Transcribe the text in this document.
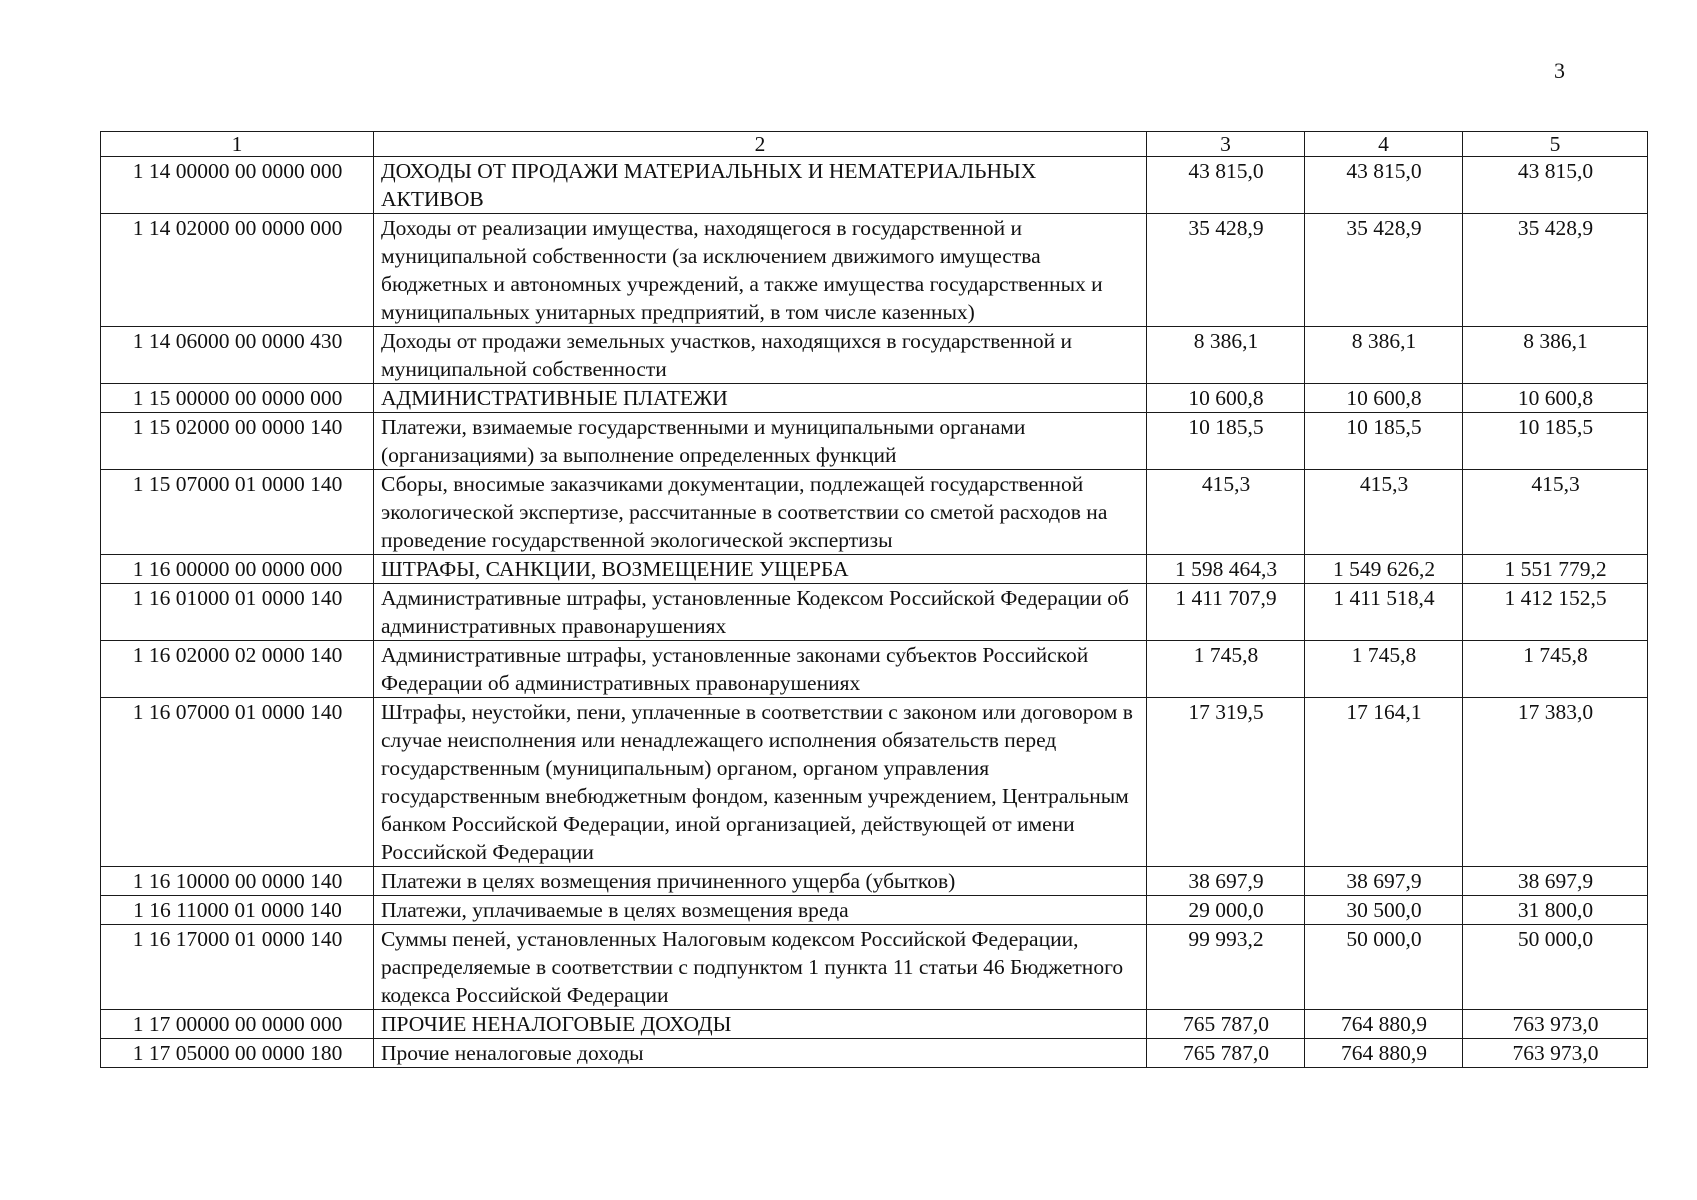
3
1	2	3	4	5
1 14 00000 00 0000 000	ДОХОДЫ ОТ ПРОДАЖИ МАТЕРИАЛЬНЫХ И НЕМАТЕРИАЛЬНЫХ АКТИВОВ	43 815,0	43 815,0	43 815,0
1 14 02000 00 0000 000	Доходы от реализации имущества, находящегося в государственной и муниципальной собственности (за исключением движимого имущества бюджетных и автономных учреждений, а также имущества государственных и муниципальных унитарных предприятий, в том числе казенных)	35 428,9	35 428,9	35 428,9
1 14 06000 00 0000 430	Доходы от продажи земельных участков, находящихся в государственной и муниципальной собственности	8 386,1	8 386,1	8 386,1
1 15 00000 00 0000 000	АДМИНИСТРАТИВНЫЕ ПЛАТЕЖИ	10 600,8	10 600,8	10 600,8
1 15 02000 00 0000 140	Платежи, взимаемые государственными и муниципальными органами (организациями) за выполнение определенных функций	10 185,5	10 185,5	10 185,5
1 15 07000 01 0000 140	Сборы, вносимые заказчиками документации, подлежащей государственной экологической экспертизе, рассчитанные в соответствии со сметой расходов на проведение государственной экологической экспертизы	415,3	415,3	415,3
1 16 00000 00 0000 000	ШТРАФЫ, САНКЦИИ, ВОЗМЕЩЕНИЕ УЩЕРБА	1 598 464,3	1 549 626,2	1 551 779,2
1 16 01000 01 0000 140	Административные штрафы, установленные Кодексом Российской Федерации об административных правонарушениях	1 411 707,9	1 411 518,4	1 412 152,5
1 16 02000 02 0000 140	Административные штрафы, установленные законами субъектов Российской Федерации об административных правонарушениях	1 745,8	1 745,8	1 745,8
1 16 07000 01 0000 140	Штрафы, неустойки, пени, уплаченные в соответствии с законом или договором в случае неисполнения или ненадлежащего исполнения обязательств перед государственным (муниципальным) органом, органом управления государственным внебюджетным фондом, казенным учреждением, Центральным банком Российской Федерации, иной организацией, действующей от имени Российской Федерации	17 319,5	17 164,1	17 383,0
1 16 10000 00 0000 140	Платежи в целях возмещения причиненного ущерба (убытков)	38 697,9	38 697,9	38 697,9
1 16 11000 01 0000 140	Платежи, уплачиваемые в целях возмещения вреда	29 000,0	30 500,0	31 800,0
1 16 17000 01 0000 140	Суммы пеней, установленных Налоговым кодексом Российской Федерации, распределяемые в соответствии с подпунктом 1 пункта 11 статьи 46 Бюджетного кодекса Российской Федерации	99 993,2	50 000,0	50 000,0
1 17 00000 00 0000 000	ПРОЧИЕ НЕНАЛОГОВЫЕ ДОХОДЫ	765 787,0	764 880,9	763 973,0
1 17 05000 00 0000 180	Прочие неналоговые доходы	765 787,0	764 880,9	763 973,0
